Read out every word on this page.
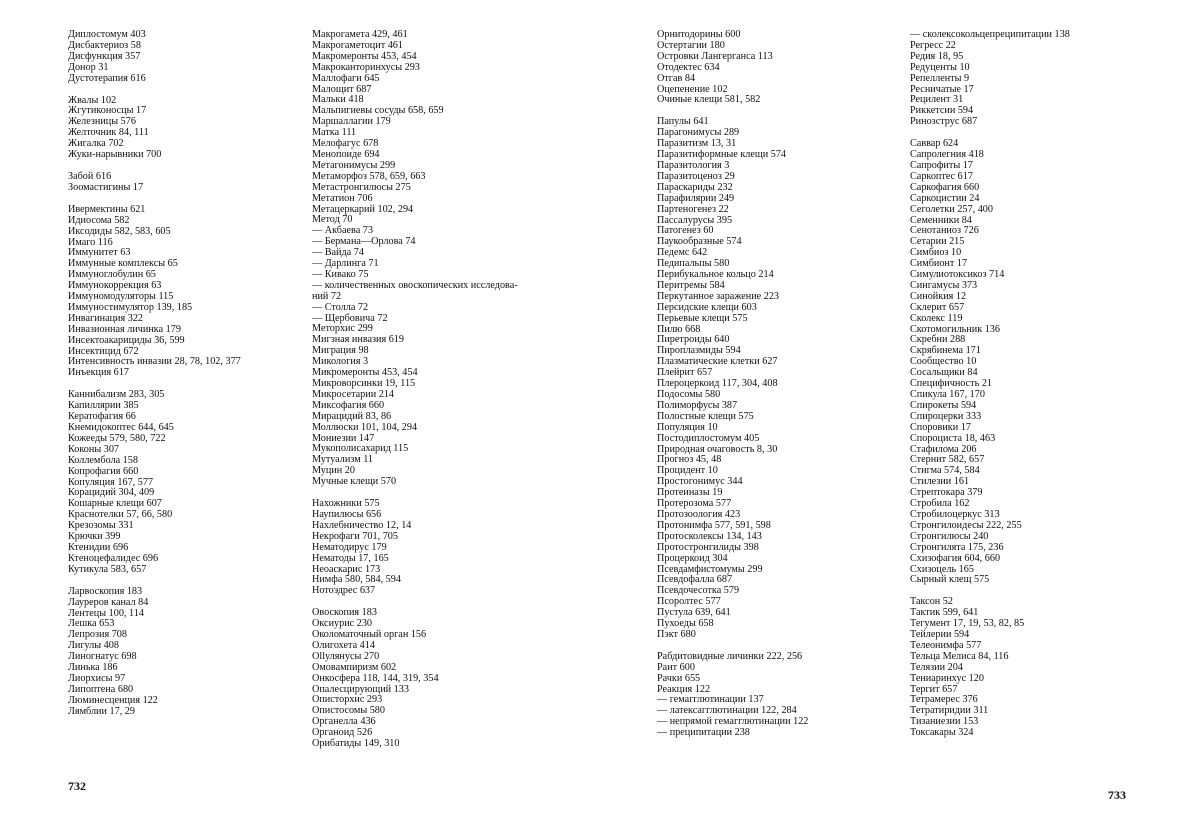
Диплостомум 403
Дисбактериоз 58
Дисфункция 357
Донор 31
Дустотерапия 616
Жвалы 102
Жгутиконосцы 17
Железницы 576
Желточник 84, 111
Жигалка 702
Жуки-нарывники 700
Забой 616
Зоомастигины 17
Ивермектины 621
Идиосома 582
Иксодиды 582, 583, 605
Имаго 116
Иммунитет 63
Иммунные комплексы 65
Иммуноглобулин 65
Иммунокоррекция 63
Иммуномодуляторы 115
Иммуностимулятор 139, 185
Инвагинация 322
Инвазионная личинка 179
Инсектоакарициды 36, 599
Инсектицид 672
Интенсивность инвазии 28, 78, 102, 377
Инъекция 617
Каннибализм 283, 305
Капиллярии 385
Кератофагия 66
Кнемидокоптес 644, 645
Кожееды 579, 580, 722
Коконы 307
Коллембола 158
Копрофагия 660
Копуляция 167, 577
Корацидий 304, 409
Кошарные клещи 607
Краснотелки 57, 66, 580
Крезозомы 331
Крючки 399
Ктенидии 696
Ктеноцефалидес 696
Кутикула 583, 657
Ларвоскопия 183
Лауреров канал 84
Лентецы 100, 114
Лешка 653
Лепрозия 708
Лигулы 408
Линогнатус 698
Линька 186
Лиорхисы 97
Липоптена 680
Люминесценция 122
Лямблии 17, 29
Макрогамета 429, 461
Макрогаметоцит 461
Макромеронты 453, 454
Макроканторинхусы 293
Маллофаги 645
Малощит 687
Мальки 418
Мальпигиевы сосуды 658, 659
Маршаллагии 179
Матка 111
Мелофагус 678
Менопоиде 694
Метагонимусы 299
Метаморфоз 578, 659, 663
Метастронгилюсы 275
Метатион 706
Метацеркарий 102, 294
Метод 70
— Акбаева 73
— Бермана—Орлова 74
— Вайда 74
— Дарлинга 71
— Кивако 75
— количественных овоскопических исследова-
ний 72
— Столла 72
— Щербовича 72
Меторхис 299
Мигзная инвазия 619
Миграция 98
Микология 3
Микромеронты 453, 454
Микроворсинки 19, 115
Микросетарии 214
Миксофагия 660
Мирацидий 83, 86
Моллюски 101, 104, 294
Мониезии 147
Мукополисахарид 115
Мутуализм 11
Муцин 20
Мучные клещи 570
Нахожники 575
Наупилюсы 656
Нахлебничество 12, 14
Некрофаги 701, 705
Нематодирус 179
Нематоды 17, 165
Неоаскарис 173
Нимфа 580, 584, 594
Нотоэдрес 637
Овоскопия 183
Оксиурис 230
Околоматочный орган 156
Олигохета 414
Ollулянусы 270
Омовампиризм 602
Онкосфера 118, 144, 319, 354
Опалесцирующий 133
Описторхис 293
Опистосомы 580
Органелла 436
Органоид 526
Орибатиды 149, 310
Орнитодорины 600
Остертагии 180
Островки Лангерганса 113
Отодектес 634
Отгав 84
Оцепенение 102
Очиные клещи 581, 582
Папулы 641
Парагонимусы 289
Паразитизм 13, 31
Паразитиформные клещи 574
Паразитология 3
Паразитоценоз 29
Параскариды 232
Парафилярии 249
Партеногенез 22
Пассалурусы 395
Патогенез 60
Паукообразные 574
Педемс 642
Педипальпы 580
Перибукальное кольцо 214
Перитремы 584
Перкутанное заражение 223
Персидские клещи 603
Перьевые клещи 575
Пилю 668
Пиретроиды 640
Пироплазмиды 594
Плазматические клетки 627
Плейрит 657
Плероцеркоид 117, 304, 408
Подосомы 580
Полиморфусы 387
Полостные клещи 575
Популяция 10
Постодиплостомум 405
Природная очаговость 8, 30
Прогноз 45, 48
Процидент 10
Простогонимус 344
Протеиназы 19
Протерозома 577
Протозоология 423
Протонимфа 577, 591, 598
Протосколексы 134, 143
Протостронгилиды 398
Процеркоид 304
Псевдамфистомумы 299
Псевдофалла 687
Псевдочесотка 579
Псоролтес 577
Пустула 639, 641
Пухоеды 658
Пэкт 680
Рабдитовидные личинки 222, 256
Раит 600
Рачки 655
Реакция 122
— гемагглютинации 137
— латексагглютинации 122, 284
— непрямой гемагглютинации 122
— преципитации 238
— сколексокольцепреципитации 138
Регресс 22
Редия 18, 95
Редуценты 10
Репелленты 9
Ресничатые 17
Рецилент 31
Риккетсии 594
Ринозструс 687
Саввар 624
Сапролегния 418
Сапрофиты 17
Саркоптес 617
Саркофагия 660
Саркоцистии 24
Сеголетки 257, 400
Семенники 84
Сенотаниоз 726
Сетарии 215
Симбиоз 10
Симбионт 17
Симулиотоксикоз 714
Сингамусы 373
Синойкия 12
Склерит 657
Сколекс 119
Скотомогильник 136
Скребни 288
Скрябинема 171
Сообщество 10
Сосальщики 84
Специфичность 21
Спикула 167, 170
Спирокеты 594
Спироцерки 333
Споровики 17
Спороциста 18, 463
Стафилома 206
Стернит 582, 657
Стигма 574, 584
Стилезии 161
Стрептокара 379
Стробила 162
Стробилоцеркус 313
Стронгилоидесы 222, 255
Стронгилюсы 240
Стронгилята 175, 236
Схизофагия 604, 660
Схизоцель 165
Сырный клещ 575
Таксон 52
Тактик 599, 641
Тегумент 17, 19, 53, 82, 85
Тейлерии 594
Телеонимфа 577
Тельца Мелиса 84, 116
Телязии 204
Тениаринхус 120
Тергит 657
Тетрамерес 376
Тетратиридии 311
Тизаниезии 153
Токсакары 324
732
733
